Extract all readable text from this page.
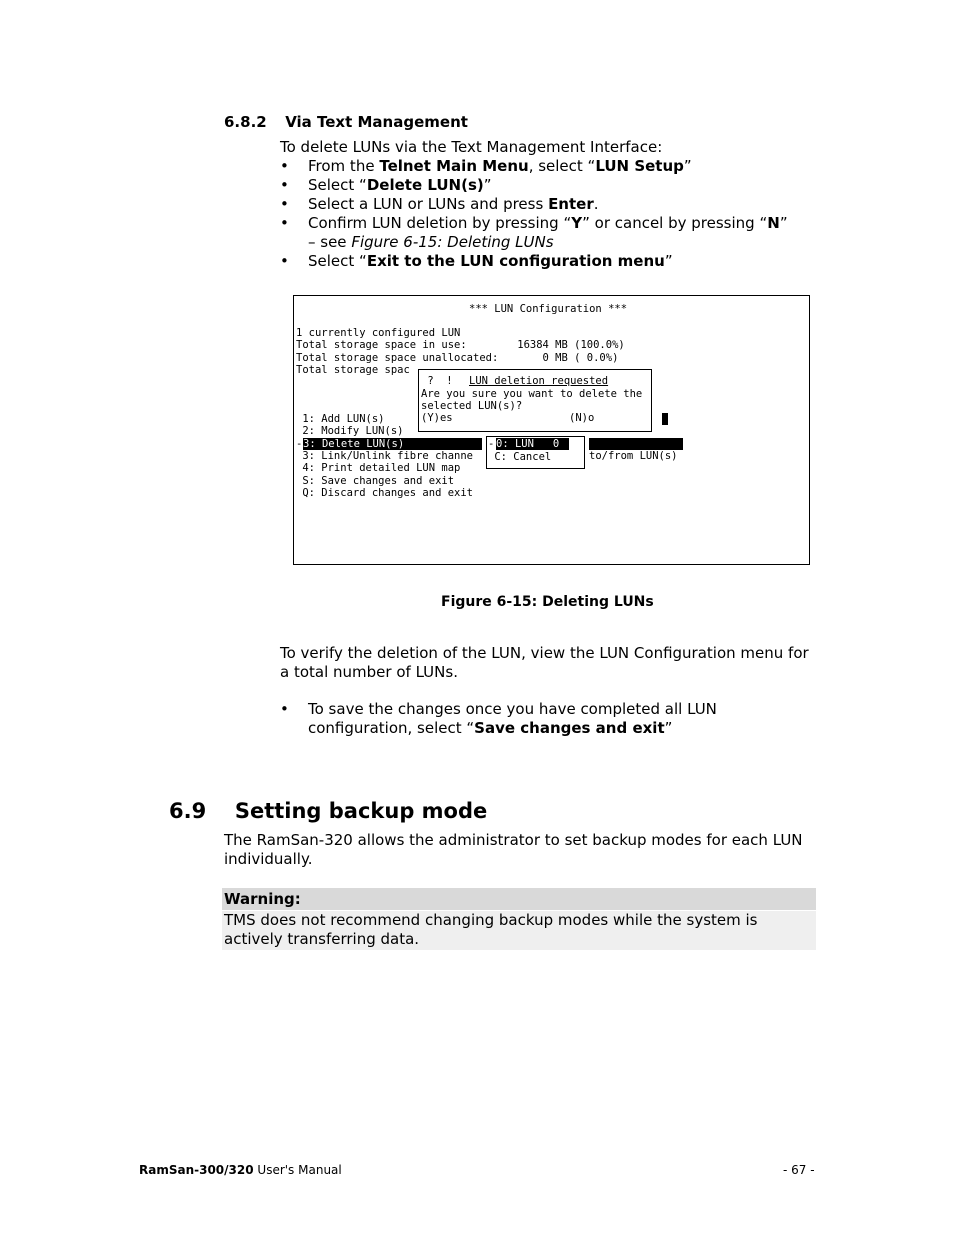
6.8.2 Via Text Management
To delete LUNs via the Text Management Interface:
• From the Telnet Main Menu, select “LUN Setup”
• Select “Delete LUN(s)”
• Select a LUN or LUNs and press Enter.
• Confirm LUN deletion by pressing “Y” or cancel by pressing “N”
– see Figure 6-15: Deleting LUNs
• Select “Exit to the LUN configuration menu”
*** LUN Configuration ***
1 currently configured LUN
Total storage space in use:        16384 MB (100.0%)
Total storage space unallocated:       0 MB ( 0.0%)
Total storage spac
1: Add LUN(s)
2: Modify LUN(s)
- 3: Delete LUN(s)
3: Link/Unlink fibre channe
4: Print detailed LUN map
S: Save changes and exit
Q: Discard changes and exit
?  ! LUN deletion requested
Are you sure you want to delete the
selected LUN(s)?
(Y)es	(N)o
- 0: LUN   0
C: Cancel	to/from LUN(s)
Figure 6-15: Deleting LUNs
To verify the deletion of the LUN, view the LUN Configuration menu for a total number of LUNs.
• To save the changes once you have completed all LUN configuration, select “Save changes and exit”
6.9 Setting backup mode
The RamSan-320 allows the administrator to set backup modes for each LUN individually.
Warning:
TMS does not recommend changing backup modes while the system is actively transferring data.
RamSan-300/320 User's Manual	- 67 -
